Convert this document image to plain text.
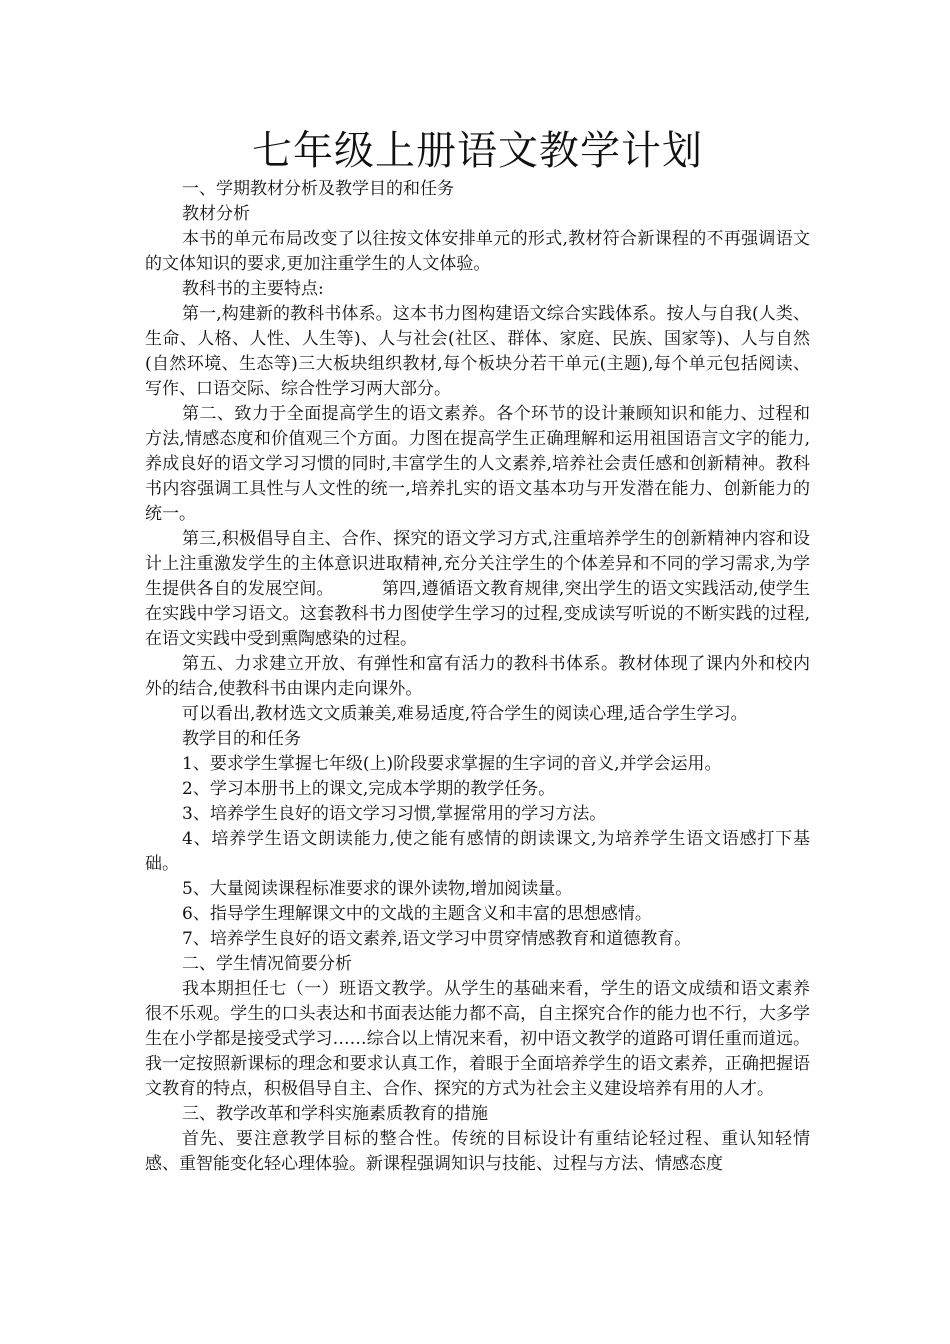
七年级上册语文教学计划

一、学期教材分析及教学目的和任务

教材分析

本书的单元布局改变了以往按文体安排单元的形式,教材符合新课程的不再强调语文的文体知识的要求,更加注重学生的人文体验。

教科书的主要特点:

第一,构建新的教科书体系。这本书力图构建语文综合实践体系。按人与自我(人类、生命、人格、人性、人生等)、人与社会(社区、群体、家庭、民族、国家等)、人与自然(自然环境、生态等)三大板块组织教材,每个板块分若干单元(主题),每个单元包括阅读、写作、口语交际、综合性学习两大部分。

第二、致力于全面提高学生的语文素养。各个环节的设计兼顾知识和能力、过程和方法,情感态度和价值观三个方面。力图在提高学生正确理解和运用祖国语言文字的能力,养成良好的语文学习习惯的同时,丰富学生的人文素养,培养社会责任感和创新精神。教科书内容强调工具性与人文性的统一,培养扎实的语文基本功与开发潜在能力、创新能力的统一。

第三,积极倡导自主、合作、探究的语文学习方式,注重培养学生的创新精神内容和设计上注重激发学生的主体意识进取精神,充分关注学生的个体差异和不同的学习需求,为学生提供各自的发展空间。	第四,遵循语文教育规律,突出学生的语文实践活动,使学生在实践中学习语文。这套教科书力图使学生学习的过程,变成读写听说的不断实践的过程,在语文实践中受到熏陶感染的过程。

第五、力求建立开放、有弹性和富有活力的教科书体系。教材体现了课内外和校内外的结合,使教科书由课内走向课外。

可以看出,教材选文文质兼美,难易适度,符合学生的阅读心理,适合学生学习。

教学目的和任务

1、要求学生掌握七年级(上)阶段要求掌握的生字词的音义,并学会运用。

2、学习本册书上的课文,完成本学期的教学任务。

3、培养学生良好的语文学习习惯,掌握常用的学习方法。

4、培养学生语文朗读能力,使之能有感情的朗读课文,为培养学生语文语感打下基础。

5、大量阅读课程标准要求的课外读物,增加阅读量。

6、指导学生理解课文中的文战的主题含义和丰富的思想感情。

7、培养学生良好的语文素养,语文学习中贯穿情感教育和道德教育。

二、学生情况简要分析

我本期担任七（一）班语文教学。从学生的基础来看，学生的语文成绩和语文素养很不乐观。学生的口头表达和书面表达能力都不高，自主探究合作的能力也不行，大多学生在小学都是接受式学习……综合以上情况来看，初中语文教学的道路可谓任重而道远。我一定按照新课标的理念和要求认真工作，着眼于全面培养学生的语文素养，正确把握语文教育的特点，积极倡导自主、合作、探究的方式为社会主义建设培养有用的人才。

三、教学改革和学科实施素质教育的措施

首先、要注意教学目标的整合性。传统的目标设计有重结论轻过程、重认知轻情感、重智能变化轻心理体验。新课程强调知识与技能、过程与方法、情感态度
